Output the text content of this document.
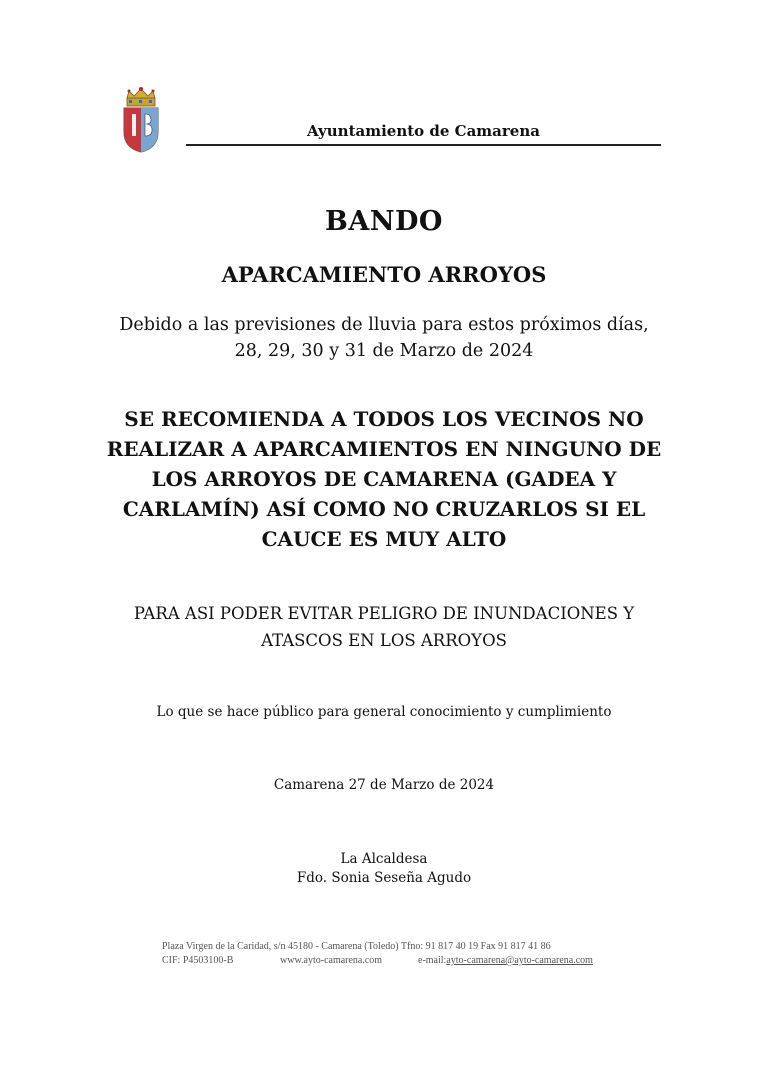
Ayuntamiento de Camarena
BANDO
APARCAMIENTO ARROYOS
Debido a las previsiones de lluvia para estos próximos días,
28, 29, 30 y 31 de Marzo de 2024
SE RECOMIENDA A TODOS LOS VECINOS NO
REALIZAR A APARCAMIENTOS EN NINGUNO DE
LOS ARROYOS DE CAMARENA (GADEA Y
CARLAMÍN) ASÍ COMO NO CRUZARLOS SI EL
CAUCE ES MUY ALTO
PARA ASI PODER EVITAR PELIGRO DE INUNDACIONES Y
ATASCOS EN LOS ARROYOS
Lo que se hace público para general conocimiento y cumplimiento
Camarena 27 de Marzo de 2024
La Alcaldesa
Fdo. Sonia Seseña Agudo
Plaza Virgen de la Caridad, s/n 45180 - Camarena (Toledo) Tfno: 91 817 40 19 Fax 91 817 41 86
CIF: P4503100-B	www.ayto-camarena.com	e-mail:ayto-camarena@ayto-camarena.com
